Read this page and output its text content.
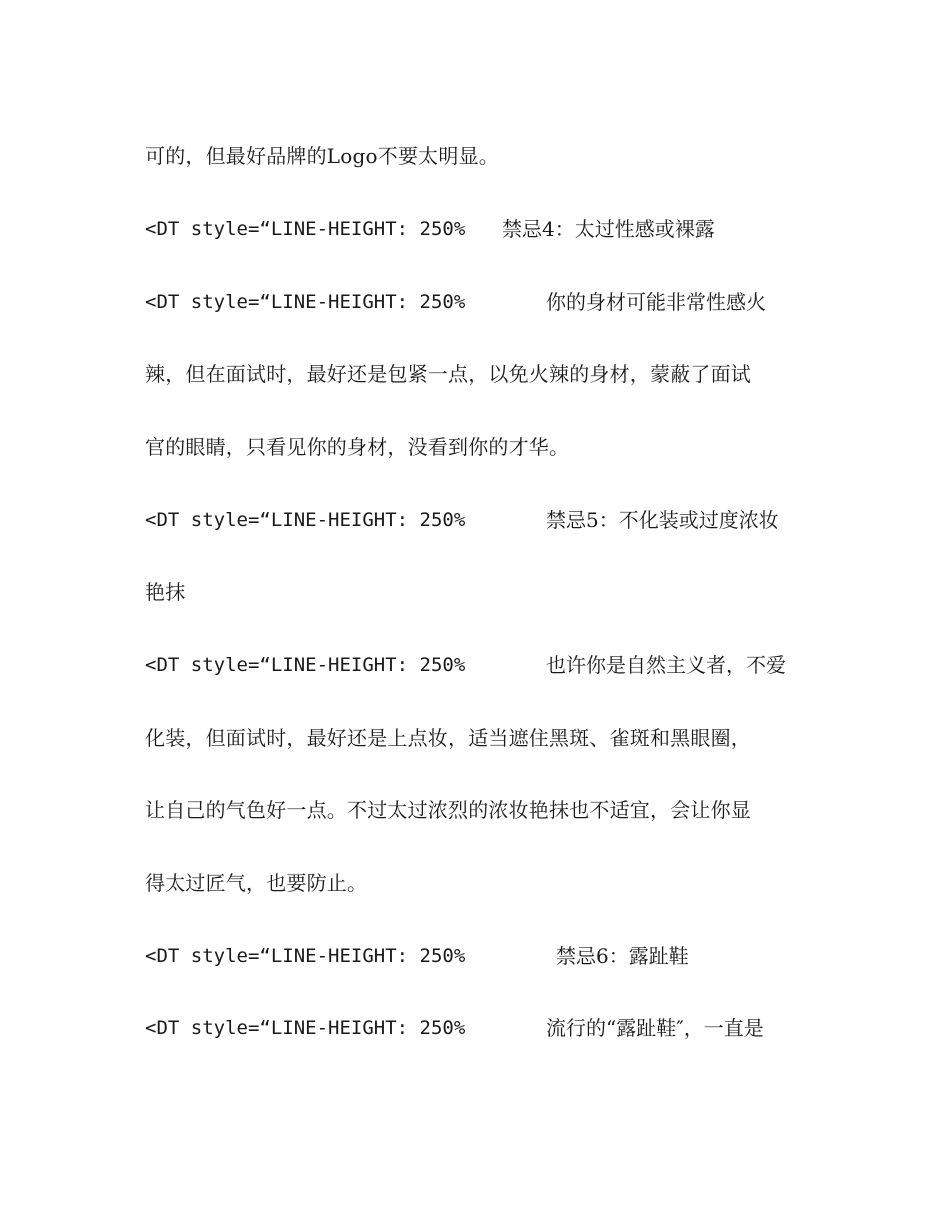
可的，但最好品牌的Logo不要太明显。
<DT style=“LINE-HEIGHT: 250% 禁忌4：太过性感或裸露
<DT style=“LINE-HEIGHT: 250%	你的身材可能非常性感火
辣，但在面试时，最好还是包紧一点，以免火辣的身材，蒙蔽了面试
官的眼睛，只看见你的身材，没看到你的才华。
<DT style=“LINE-HEIGHT: 250%	禁忌5：不化装或过度浓妆
艳抹
<DT style=“LINE-HEIGHT: 250%	也许你是自然主义者，不爱
化装，但面试时，最好还是上点妆，适当遮住黑斑、雀斑和黑眼圈，
让自己的气色好一点。不过太过浓烈的浓妆艳抹也不适宜，会让你显
得太过匠气，也要防止。
<DT style=“LINE-HEIGHT: 250%	禁忌6：露趾鞋
<DT style=“LINE-HEIGHT: 250%	流行的“露趾鞋″，一直是
